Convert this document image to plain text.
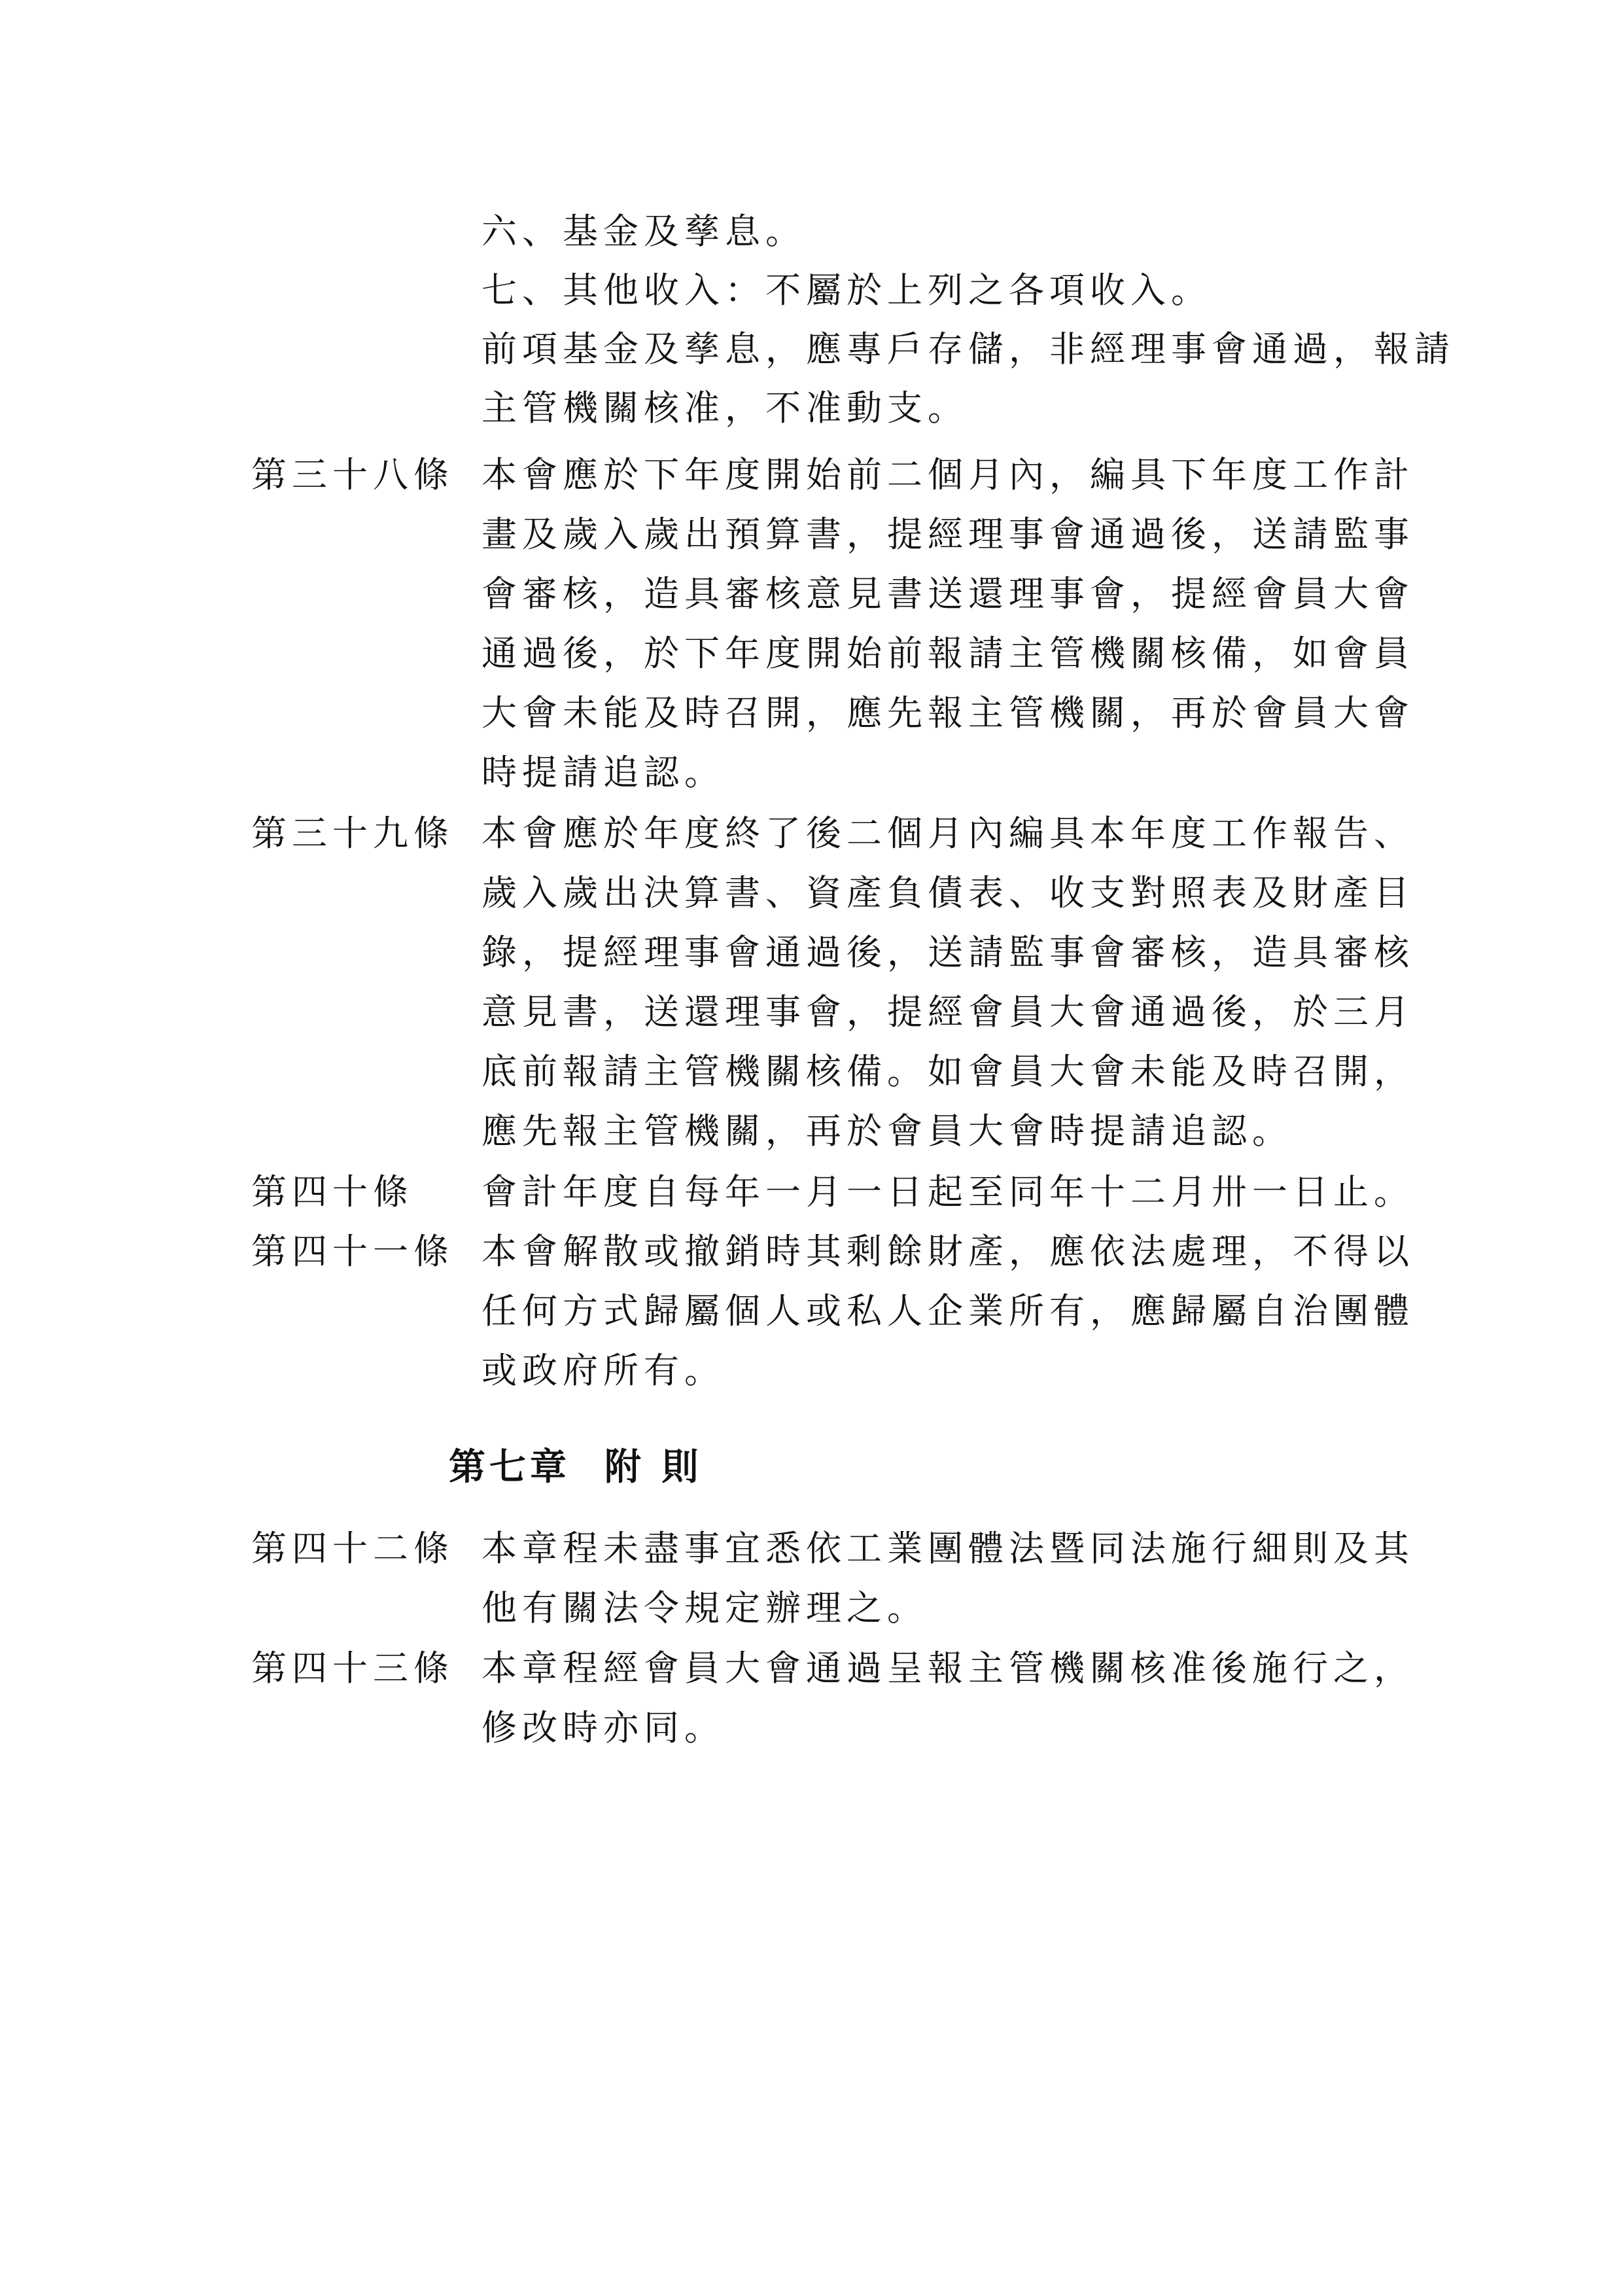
六、基金及孳息。
七、其他收入：不屬於上列之各項收入。
前項基金及孳息，應專戶存儲，非經理事會通過，報請
主管機關核准，不准動支。
第三十八條 本會應於下年度開始前二個月內，編具下年度工作計
畫及歲入歲出預算書，提經理事會通過後，送請監事
會審核，造具審核意見書送還理事會，提經會員大會
通過後，於下年度開始前報請主管機關核備，如會員
大會未能及時召開，應先報主管機關，再於會員大會
時提請追認。
第三十九條 本會應於年度終了後二個月內編具本年度工作報告、
歲入歲出決算書、資產負債表、收支對照表及財產目
錄，提經理事會通過後，送請監事會審核，造具審核
意見書，送還理事會，提經會員大會通過後，於三月
底前報請主管機關核備。如會員大會未能及時召開，
應先報主管機關，再於會員大會時提請追認。
第四十條 會計年度自每年一月一日起至同年十二月卅一日止。
第四十一條 本會解散或撤銷時其剩餘財產，應依法處理，不得以
任何方式歸屬個人或私人企業所有，應歸屬自治團體
或政府所有。
第七章 附 則
第四十二條 本章程未盡事宜悉依工業團體法暨同法施行細則及其
他有關法令規定辦理之。
第四十三條 本章程經會員大會通過呈報主管機關核准後施行之，
修改時亦同。
